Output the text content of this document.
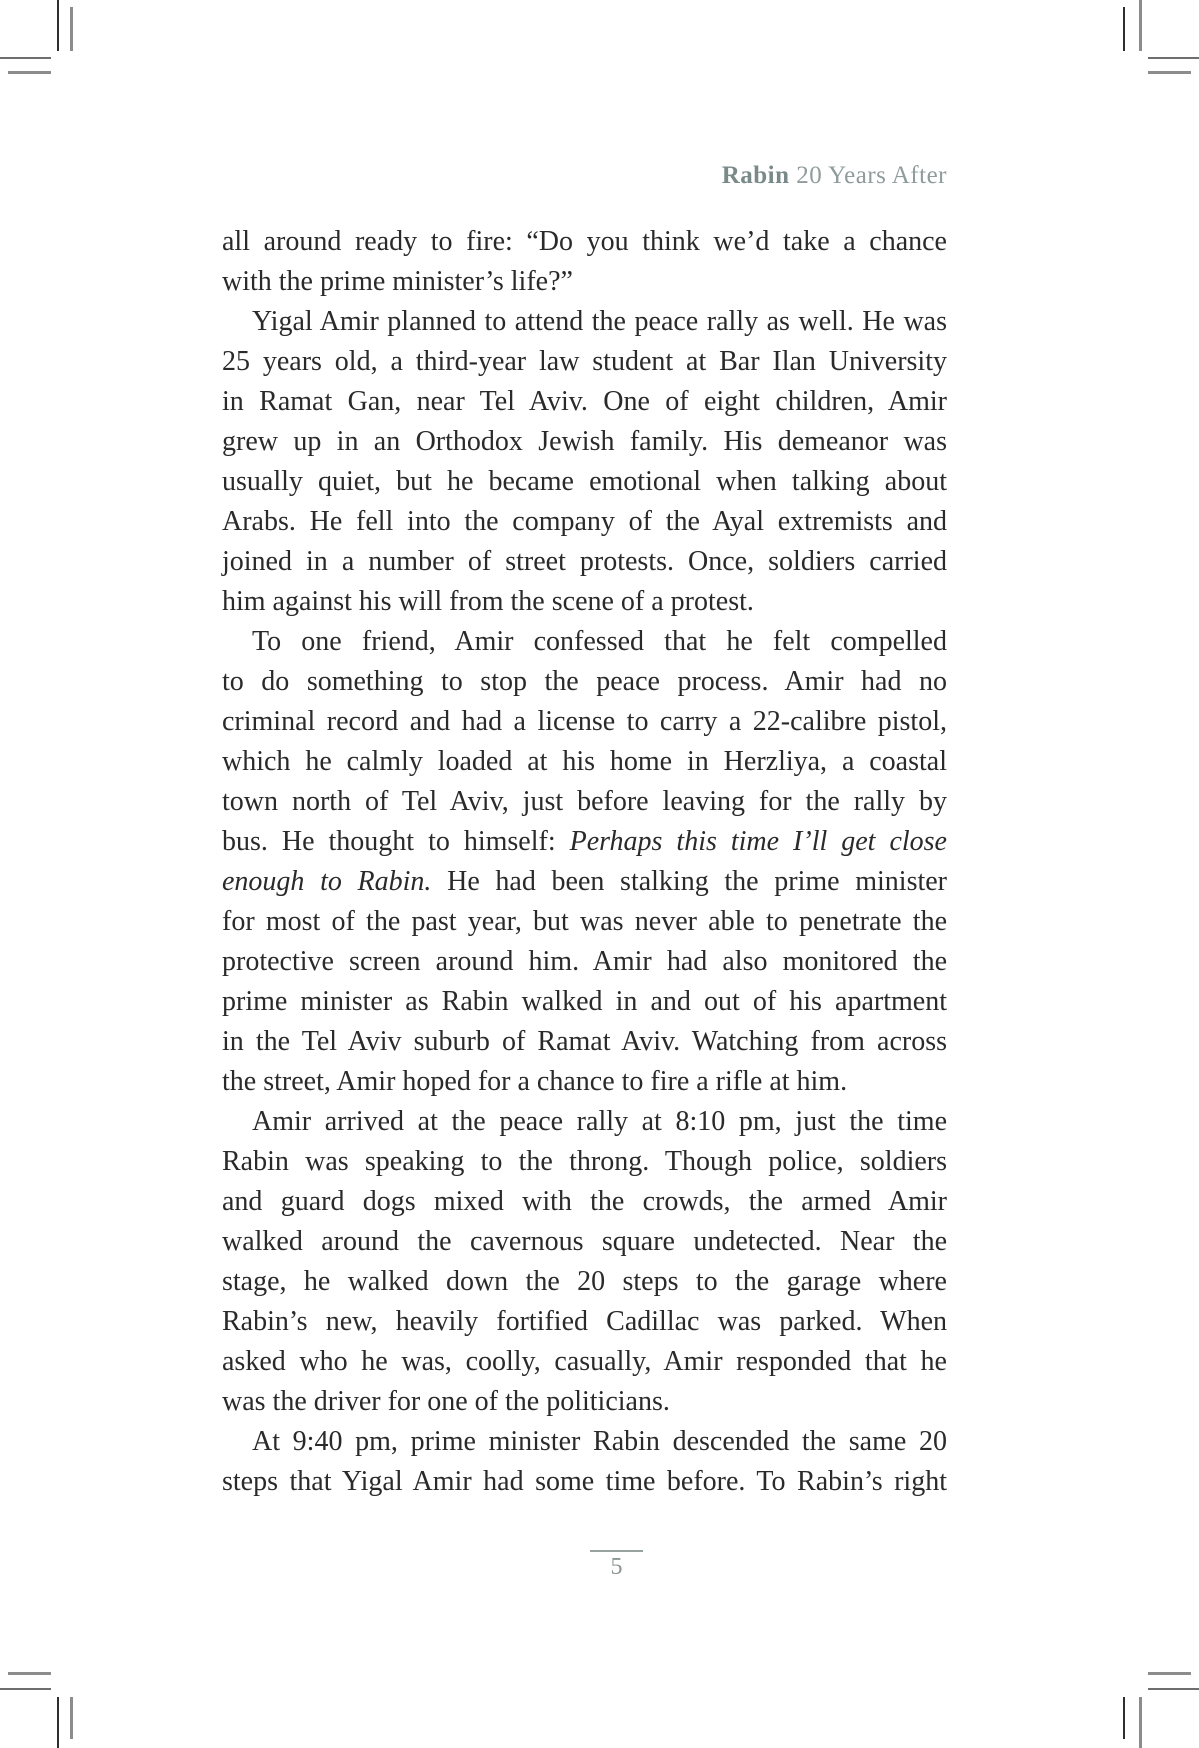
Rabin 20 Years After
all around ready to fire: “Do you think we’d take a chance
with the prime minister’s life?”
Yigal Amir planned to attend the peace rally as well. He was
25 years old, a third-year law student at Bar Ilan University
in Ramat Gan, near Tel Aviv. One of eight children, Amir
grew up in an Orthodox Jewish family. His demeanor was
usually quiet, but he became emotional when talking about
Arabs. He fell into the company of the Ayal extremists and
joined in a number of street protests. Once, soldiers carried
him against his will from the scene of a protest.
To one friend, Amir confessed that he felt compelled
to do something to stop the peace process. Amir had no
criminal record and had a license to carry a 22-calibre pistol,
which he calmly loaded at his home in Herzliya, a coastal
town north of Tel Aviv, just before leaving for the rally by
bus. He thought to himself: Perhaps this time I’ll get close
enough to Rabin. He had been stalking the prime minister
for most of the past year, but was never able to penetrate the
protective screen around him. Amir had also monitored the
prime minister as Rabin walked in and out of his apartment
in the Tel Aviv suburb of Ramat Aviv. Watching from across
the street, Amir hoped for a chance to fire a rifle at him.
Amir arrived at the peace rally at 8:10 pm, just the time
Rabin was speaking to the throng. Though police, soldiers
and guard dogs mixed with the crowds, the armed Amir
walked around the cavernous square undetected. Near the
stage, he walked down the 20 steps to the garage where
Rabin’s new, heavily fortified Cadillac was parked. When
asked who he was, coolly, casually, Amir responded that he
was the driver for one of the politicians.
At 9:40 pm, prime minister Rabin descended the same 20
steps that Yigal Amir had some time before. To Rabin’s right
5
